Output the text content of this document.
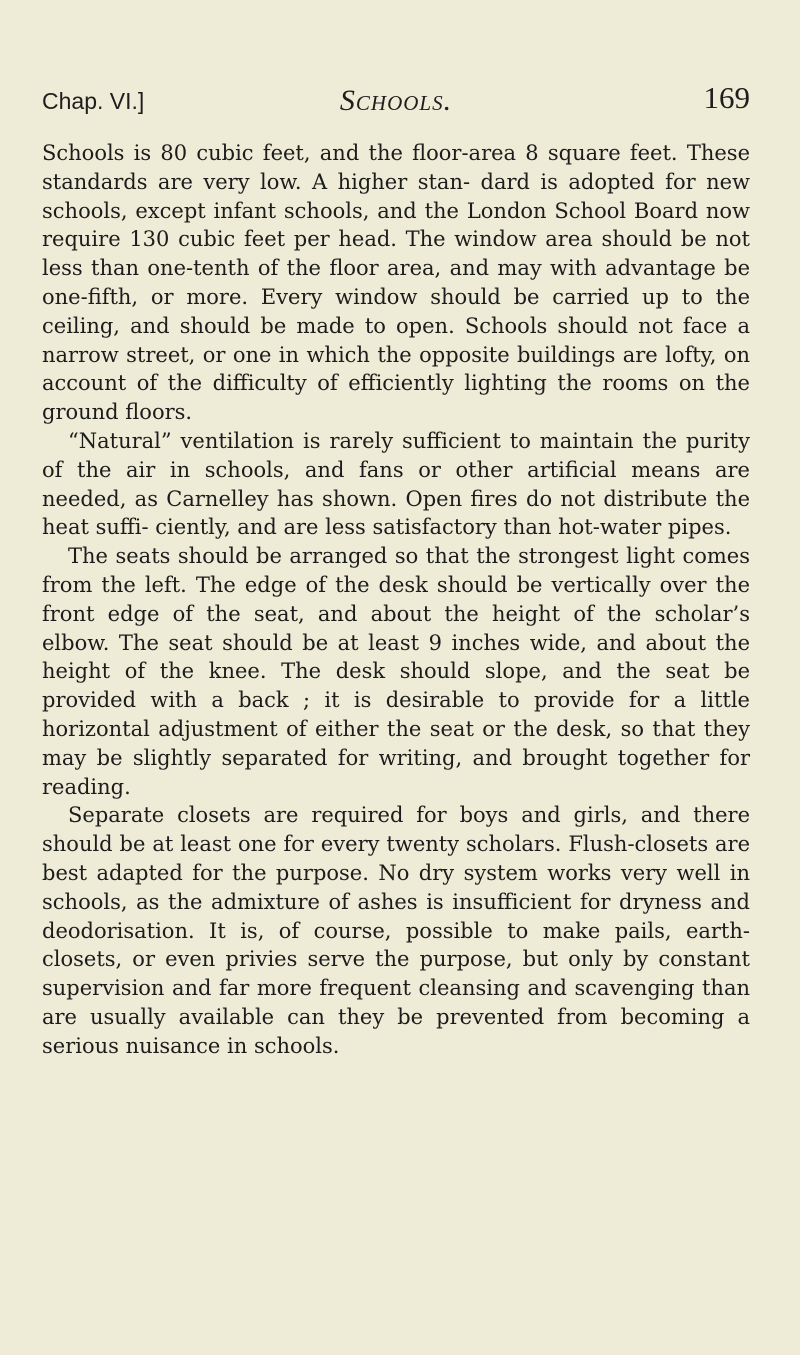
Chap. VI.]	Schools.	169

Schools is 80 cubic feet, and the floor-area 8 square feet. These standards are very low. A higher stan- dard is adopted for new schools, except infant schools, and the London School Board now require 130 cubic feet per head. The window area should be not less than one-tenth of the floor area, and may with advantage be one-fifth, or more. Every window should be carried up to the ceiling, and should be made to open. Schools should not face a narrow street, or one in which the opposite buildings are lofty, on account of the difficulty of efficiently lighting the rooms on the ground floors.

“Natural” ventilation is rarely sufficient to maintain the purity of the air in schools, and fans or other artificial means are needed, as Carnelley has shown. Open fires do not distribute the heat suffi- ciently, and are less satisfactory than hot-water pipes.

The seats should be arranged so that the strongest light comes from the left. The edge of the desk should be vertically over the front edge of the seat, and about the height of the scholar’s elbow. The seat should be at least 9 inches wide, and about the height of the knee. The desk should slope, and the seat be provided with a back ; it is desirable to provide for a little horizontal adjustment of either the seat or the desk, so that they may be slightly separated for writing, and brought together for reading.

Separate closets are required for boys and girls, and there should be at least one for every twenty scholars. Flush-closets are best adapted for the purpose. No dry system works very well in schools, as the admixture of ashes is insufficient for dryness and deodorisation. It is, of course, possible to make pails, earth-closets, or even privies serve the purpose, but only by constant supervision and far more frequent cleansing and scavenging than are usually available can they be prevented from becoming a serious nuisance in schools.
